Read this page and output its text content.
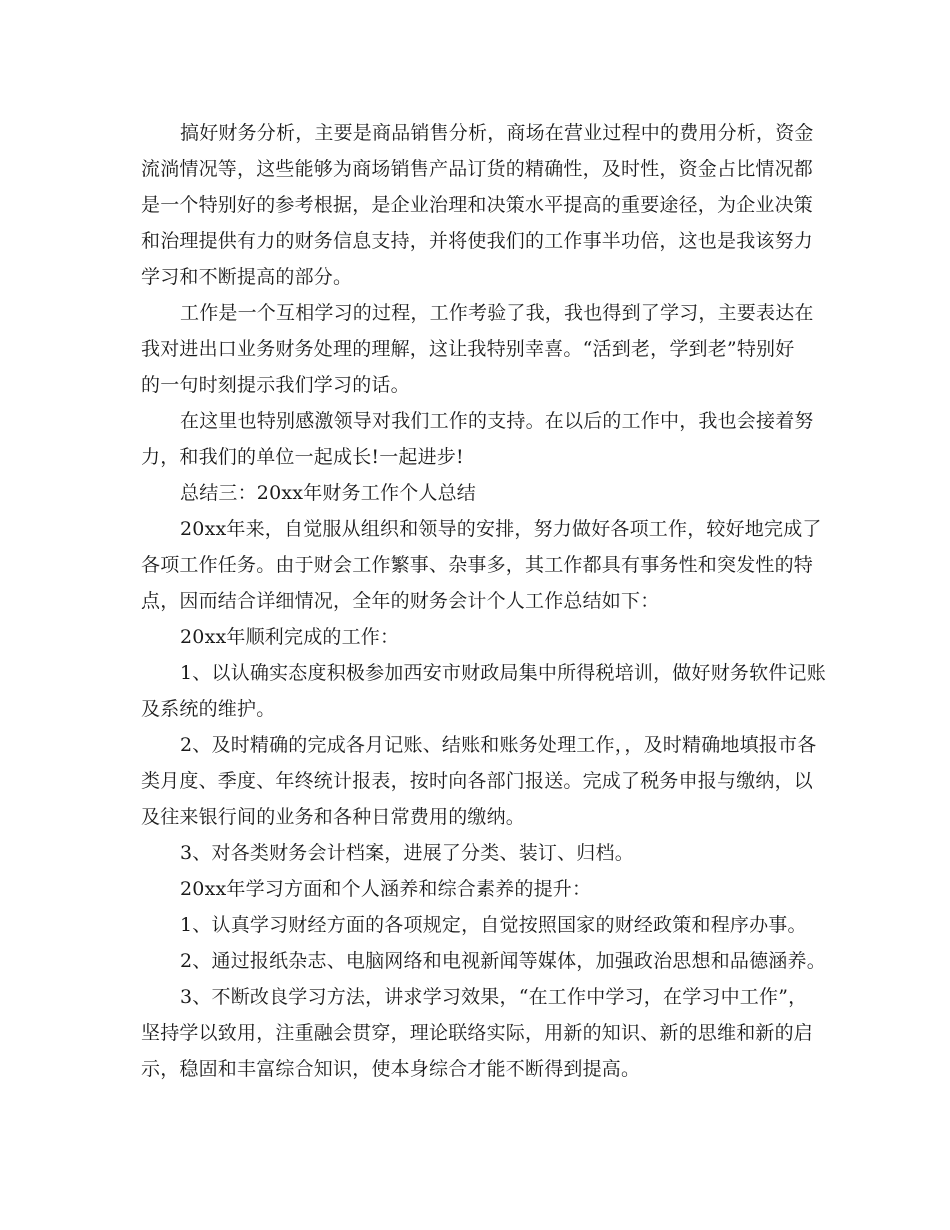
搞好财务分析，主要是商品销售分析，商场在营业过程中的费用分析，资金
流淌情况等，这些能够为商场销售产品订货的精确性，及时性，资金占比情况都
是一个特别好的参考根据，是企业治理和决策水平提高的重要途径，为企业决策
和治理提供有力的财务信息支持，并将使我们的工作事半功倍，这也是我该努力
学习和不断提高的部分。
工作是一个互相学习的过程，工作考验了我，我也得到了学习，主要表达在
我对进出口业务财务处理的理解，这让我特别幸喜。“活到老，学到老”特别好
的一句时刻提示我们学习的话。
在这里也特别感激领导对我们工作的支持。在以后的工作中，我也会接着努
力，和我们的单位一起成长!一起进步!
总结三：20xx年财务工作个人总结
20xx年来，自觉服从组织和领导的安排，努力做好各项工作，较好地完成了
各项工作任务。由于财会工作繁事、杂事多，其工作都具有事务性和突发性的特
点，因而结合详细情况，全年的财务会计个人工作总结如下：
20xx年顺利完成的工作：
1、以认确实态度积极参加西安市财政局集中所得税培训，做好财务软件记账
及系统的维护。
2、及时精确的完成各月记账、结账和账务处理工作，，及时精确地填报市各
类月度、季度、年终统计报表，按时向各部门报送。完成了税务申报与缴纳，以
及往来银行间的业务和各种日常费用的缴纳。
3、对各类财务会计档案，进展了分类、装订、归档。
20xx年学习方面和个人涵养和综合素养的提升：
1、认真学习财经方面的各项规定，自觉按照国家的财经政策和程序办事。
2、通过报纸杂志、电脑网络和电视新闻等媒体，加强政治思想和品德涵养。
3、不断改良学习方法，讲求学习效果，“在工作中学习，在学习中工作”，
坚持学以致用，注重融会贯穿，理论联络实际，用新的知识、新的思维和新的启
示，稳固和丰富综合知识，使本身综合才能不断得到提高。
